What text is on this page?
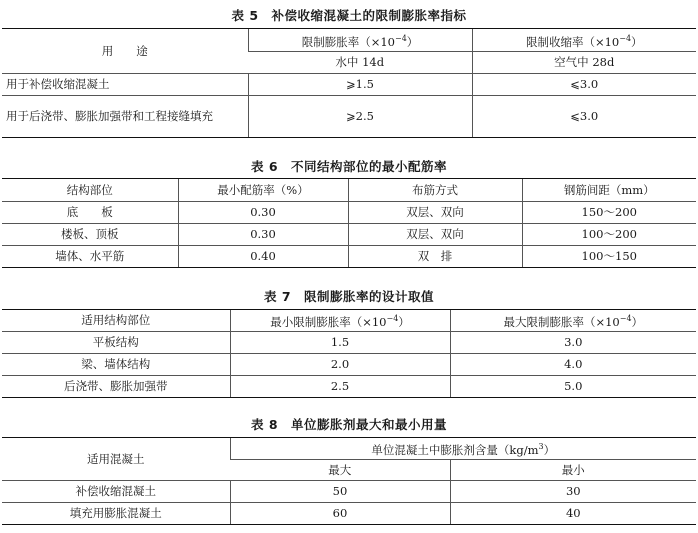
表 5　补偿收缩混凝土的限制膨胀率指标
用　　途	限制膨胀率$(\times 10^{-4})$	限制收缩率$(\times 10^{-4})$
	水中 14d	空气中 28d
用于补偿收缩混凝土	⩾1.5	⩽3.0
用于后浇带、膨胀加强带和工程接缝填充	⩾2.5	⩽3.0
表 6　不同结构部位的最小配筋率
结构部位	最小配筋率（%）	布筋方式	钢筋间距（mm）
底　　板	0.30	双层、双向	150～200
楼板、顶板	0.30	双层、双向	100～200
墙体、水平筋	0.40	双　排	100～150
表 7　限制膨胀率的设计取值
适用结构部位	最小限制膨胀率$(\times 10^{-4})$	最大限制膨胀率$(\times 10^{-4})$
平板结构	1.5	3.0
梁、墙体结构	2.0	4.0
后浇带、膨胀加强带	2.5	5.0
表 8　单位膨胀剂最大和最小用量
适用混凝土	单位混凝土中膨胀剂含量$(kg/m^3)$	
	最大	最小
补偿收缩混凝土	50	30
填充用膨胀混凝土	60	40
